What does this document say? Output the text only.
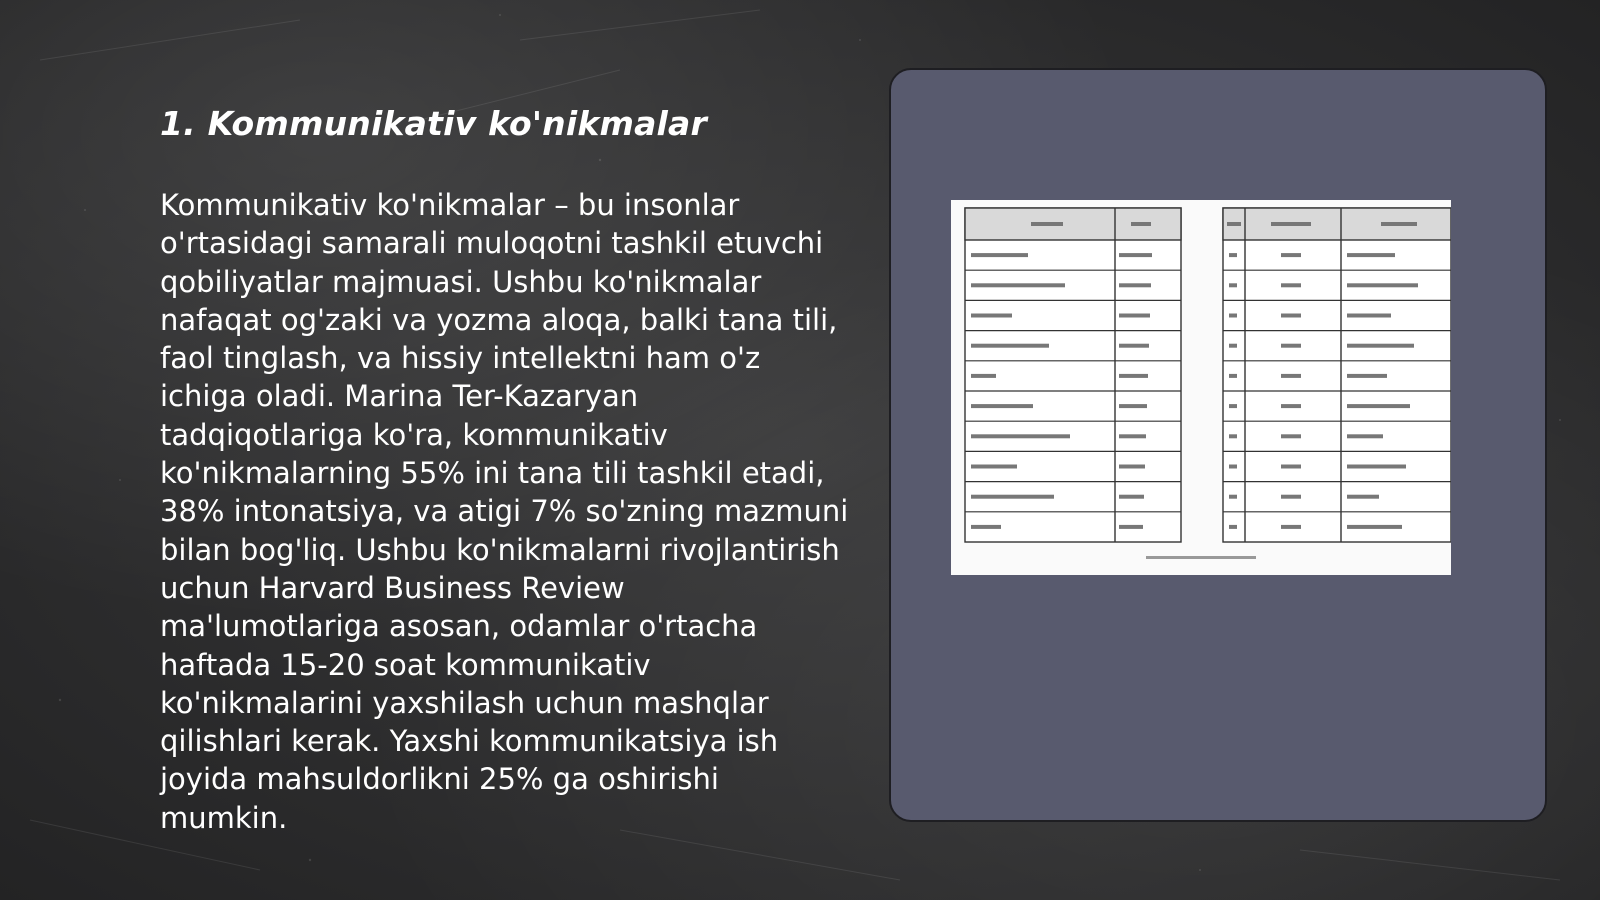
1. Kommunikativ ko'nikmalar

Kommunikativ ko'nikmalar – bu insonlar o'rtasidagi samarali muloqotni tashkil etuvchi qobiliyatlar majmuasi. Ushbu ko'nikmalar nafaqat og'zaki va yozma aloqa, balki tana tili, faol tinglash, va hissiy intellektni ham o'z ichiga oladi. Marina Ter-Kazaryan tadqiqotlariga ko'ra, kommunikativ ko'nikmalarning 55% ini tana tili tashkil etadi, 38% intonatsiya, va atigi 7% so'zning mazmuni bilan bog'liq. Ushbu ko'nikmalarni rivojlantirish uchun Harvard Business Review ma'lumotlariga asosan, odamlar o'rtacha haftada 15-20 soat kommunikativ ko'nikmalarini yaxshilash uchun mashqlar qilishlari kerak. Yaxshi kommunikatsiya ish joyida mahsuldorlikni 25% ga oshirishi mumkin.
